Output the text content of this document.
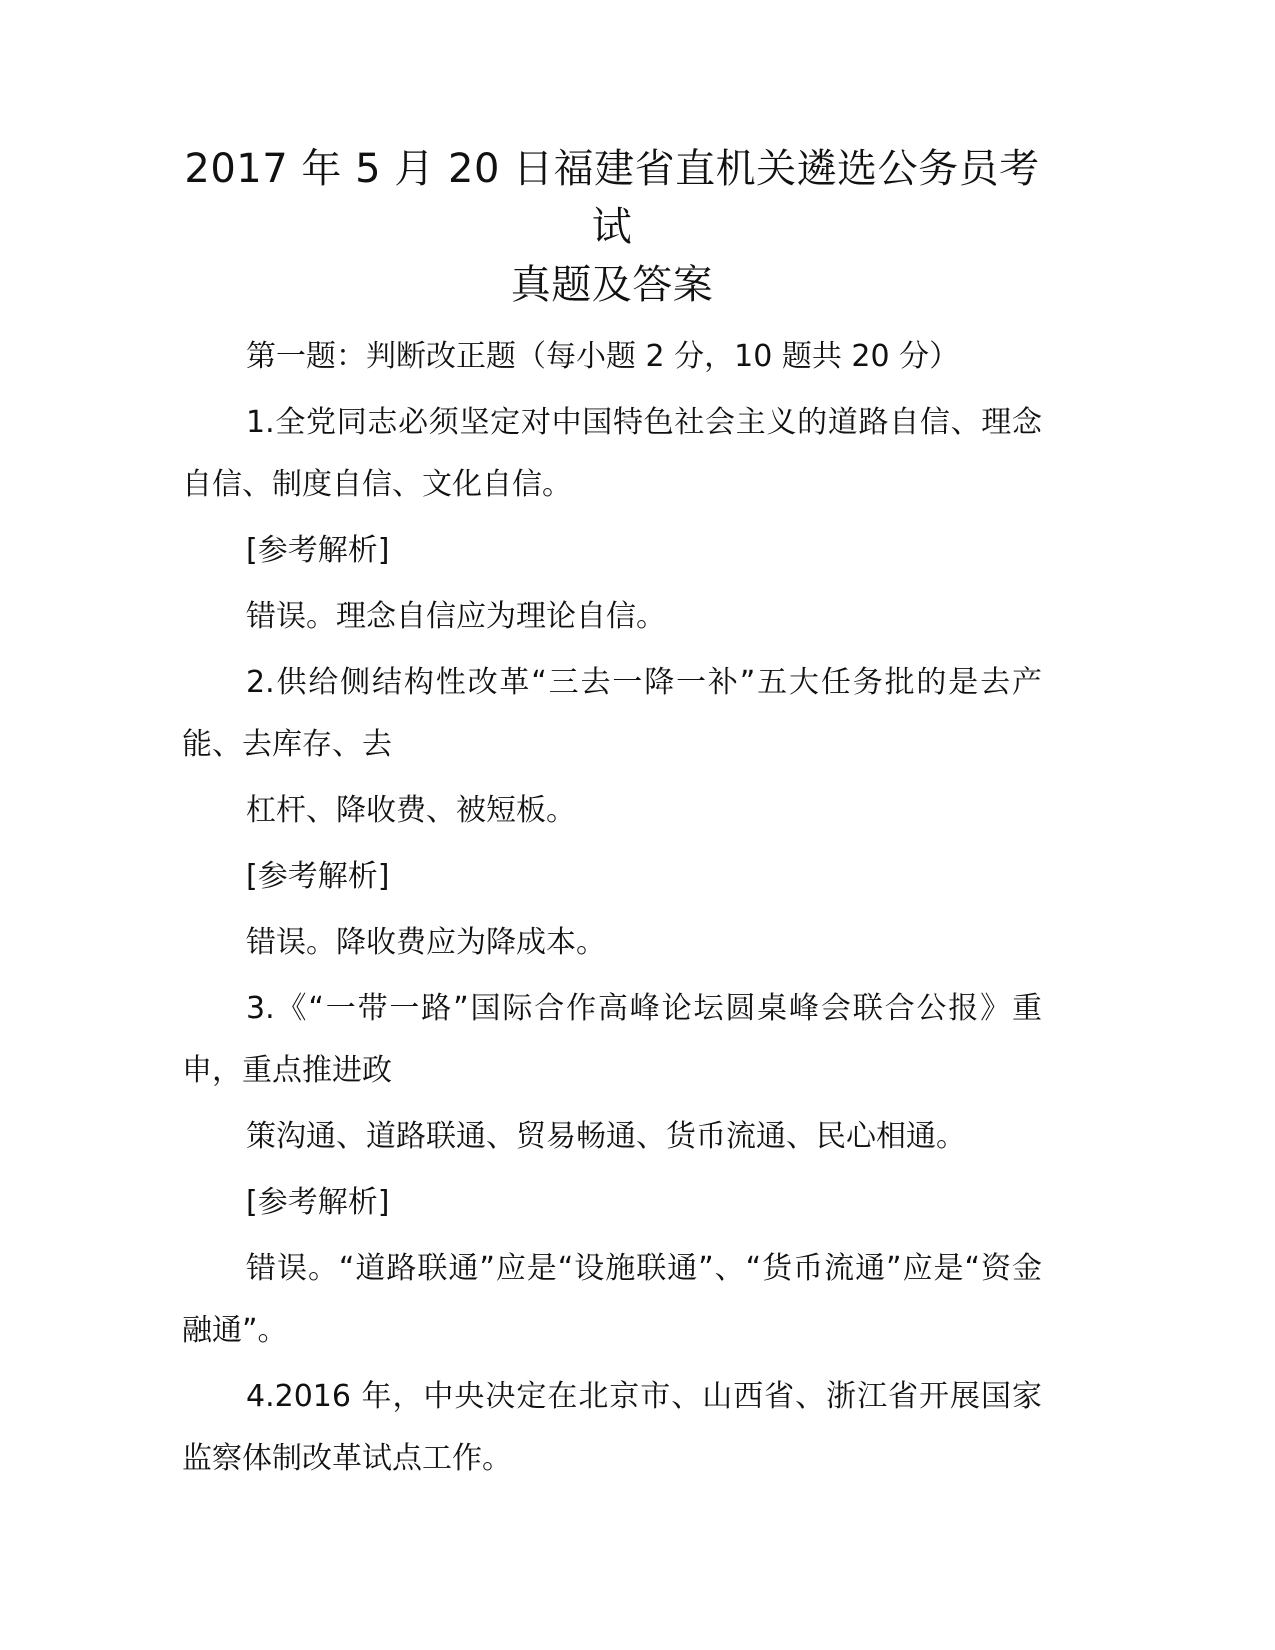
2017 年 5 月 20 日福建省直机关遴选公务员考试
真题及答案

第一题：判断改正题（每小题 2 分，10 题共 20 分）

1.全党同志必须坚定对中国特色社会主义的道路自信、理念自信、制度自信、文化自信。

[参考解析]

错误。理念自信应为理论自信。

2.供给侧结构性改革“三去一降一补”五大任务批的是去产能、去库存、去

杠杆、降收费、被短板。

[参考解析]

错误。降收费应为降成本。

3.《“一带一路”国际合作高峰论坛圆桌峰会联合公报》重申，重点推进政

策沟通、道路联通、贸易畅通、货币流通、民心相通。

[参考解析]

错误。“道路联通”应是“设施联通”、“货币流通”应是“资金融通”。

4.2016 年，中央决定在北京市、山西省、浙江省开展国家监察体制改革试点工作。
